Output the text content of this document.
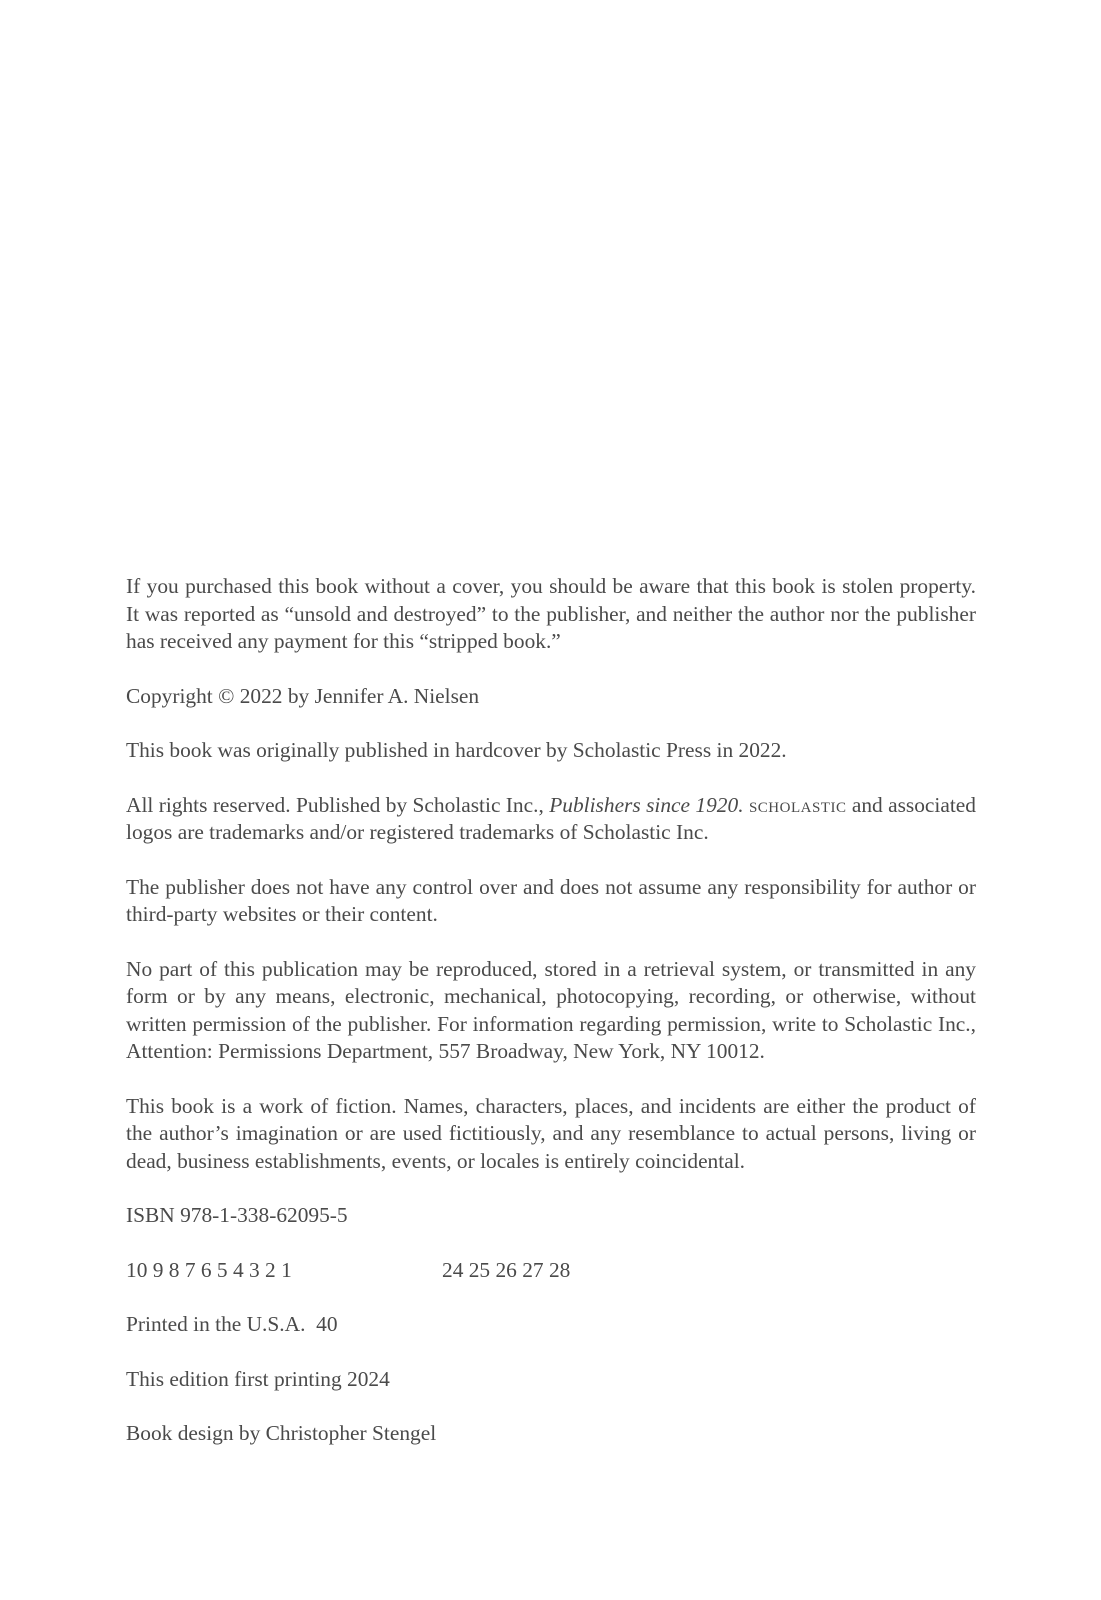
If you purchased this book without a cover, you should be aware that this book is stolen property. It was reported as “unsold and destroyed” to the publisher, and neither the author nor the publisher has received any payment for this “stripped book.”

Copyright © 2022 by Jennifer A. Nielsen

This book was originally published in hardcover by Scholastic Press in 2022.

All rights reserved. Published by Scholastic Inc., Publishers since 1920. scholastic and associated logos are trademarks and/or registered trademarks of Scholastic Inc.

The publisher does not have any control over and does not assume any responsibility for author or third-party websites or their content.

No part of this publication may be reproduced, stored in a retrieval system, or transmitted in any form or by any means, electronic, mechanical, photocopying, recording, or otherwise, without written permission of the publisher. For information regarding permission, write to Scholastic Inc., Attention: Permissions Department, 557 Broadway, New York, NY 10012.

This book is a work of fiction. Names, characters, places, and incidents are either the product of the author’s imagination or are used fictitiously, and any resemblance to actual persons, living or dead, business establishments, events, or locales is entirely coincidental.

ISBN 978-1-338-62095-5

10 9 8 7 6 5 4 3 2 1	24 25 26 27 28

Printed in the U.S.A.  40

This edition first printing 2024

Book design by Christopher Stengel
